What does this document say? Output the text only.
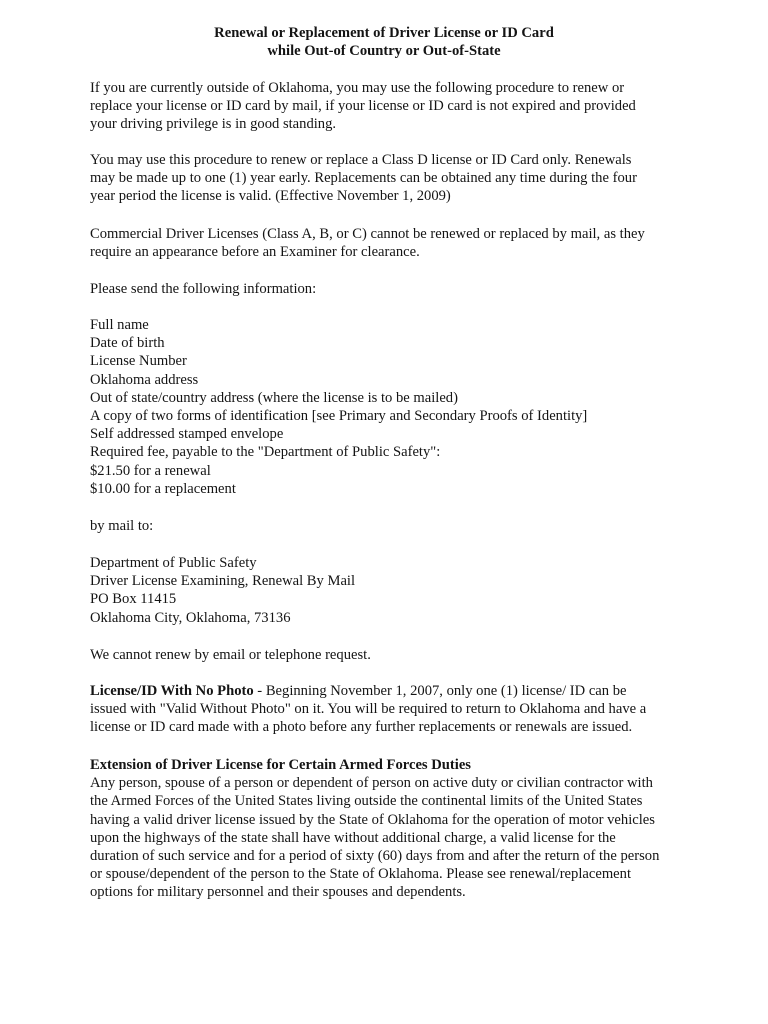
Renewal or Replacement of Driver License or ID Card
while Out-of Country or Out-of-State
If you are currently outside of Oklahoma, you may use the following procedure to renew or
replace your license or ID card by mail, if your license or ID card is not expired and provided
your driving privilege is in good standing.
You may use this procedure to renew or replace a Class D license or ID Card only. Renewals
may be made up to one (1) year early. Replacements can be obtained any time during the four
year period the license is valid. (Effective November 1, 2009)
Commercial Driver Licenses (Class A, B, or C) cannot be renewed or replaced by mail, as they
require an appearance before an Examiner for clearance.
Please send the following information:
Full name
Date of birth
License Number
Oklahoma address
Out of state/country address (where the license is to be mailed)
A copy of two forms of identification [see Primary and Secondary Proofs of Identity]
Self addressed stamped envelope
Required fee, payable to the "Department of Public Safety":
$21.50 for a renewal
$10.00 for a replacement
by mail to:
Department of Public Safety
Driver License Examining, Renewal By Mail
PO Box 11415
Oklahoma City, Oklahoma, 73136
We cannot renew by email or telephone request.
License/ID With No Photo - Beginning November 1, 2007, only one (1) license/ ID can be
issued with "Valid Without Photo" on it. You will be required to return to Oklahoma and have a
license or ID card made with a photo before any further replacements or renewals are issued.
Extension of Driver License for Certain Armed Forces Duties
Any person, spouse of a person or dependent of person on active duty or civilian contractor with
the Armed Forces of the United States living outside the continental limits of the United States
having a valid driver license issued by the State of Oklahoma for the operation of motor vehicles
upon the highways of the state shall have without additional charge, a valid license for the
duration of such service and for a period of sixty (60) days from and after the return of the person
or spouse/dependent of the person to the State of Oklahoma. Please see renewal/replacement
options for military personnel and their spouses and dependents.
